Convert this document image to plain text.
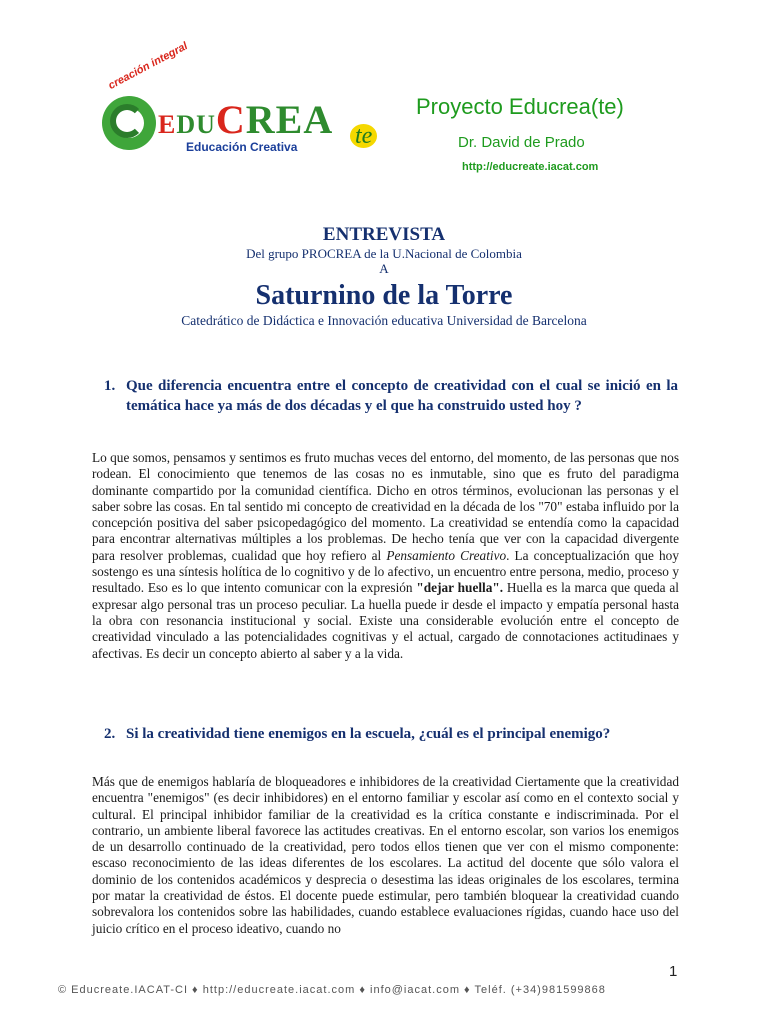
creación integral
EDUCREA te
Educación Creativa
Proyecto Educrea(te)
Dr. David de Prado
http://educreate.iacat.com
ENTREVISTA
Del grupo PROCREA de la U.Nacional de Colombia
A
Saturnino de la Torre
Catedrático de Didáctica e Innovación educativa Universidad de Barcelona
1. Que diferencia encuentra entre el concepto de creatividad con el cual se inició en la temática hace ya más de dos décadas y el que ha construido usted hoy ?
Lo que somos, pensamos y sentimos es fruto muchas veces del entorno, del momento, de las personas que nos rodean. El conocimiento que tenemos de las cosas no es inmutable, sino que es fruto del paradigma dominante compartido por la comunidad científica. Dicho en otros términos, evolucionan las personas y el saber sobre las cosas. En tal sentido mi concepto de creatividad en la década de los "70" estaba influido por la concepción positiva del saber psicopedagógico del momento. La creatividad se entendía como la capacidad para encontrar alternativas múltiples a los problemas. De hecho tenía que ver con la capacidad divergente para resolver problemas, cualidad que hoy refiero al Pensamiento Creativo. La conceptualización que hoy sostengo es una síntesis holítica de lo cognitivo y de lo afectivo, un encuentro entre persona, medio, proceso y resultado. Eso es lo que intento comunicar con la expresión "dejar huella". Huella es la marca que queda al expresar algo personal tras un proceso peculiar. La huella puede ir desde el impacto y empatía personal hasta la obra con resonancia institucional y social. Existe una considerable evolución entre el concepto de creatividad vinculado a las potencialidades cognitivas y el actual, cargado de connotaciones actitudinaes y afectivas. Es decir un concepto abierto al saber y a la vida.
2. Si la creatividad tiene enemigos en la escuela, ¿cuál es el principal enemigo?
Más que de enemigos hablaría de bloqueadores e inhibidores de la creatividad Ciertamente que la creatividad encuentra "enemigos" (es decir inhibidores) en el entorno familiar y escolar así como en el contexto social y cultural. El principal inhibidor familiar de la creatividad es la crítica constante e indiscriminada. Por el contrario, un ambiente liberal favorece las actitudes creativas. En el entorno escolar, son varios los enemigos de un desarrollo continuado de la creatividad, pero todos ellos tienen que ver con el mismo componente: escaso reconocimiento de las ideas diferentes de los escolares. La actitud del docente que sólo valora el dominio de los contenidos académicos y desprecia o desestima las ideas originales de los escolares, termina por matar la creatividad de éstos. El docente puede estimular, pero también bloquear la creatividad cuando sobrevalora los contenidos sobre las habilidades, cuando establece evaluaciones rígidas, cuando hace uso del juicio crítico en el proceso ideativo, cuando no
1
© Educreate.IACAT-CI ♦ http://educreate.iacat.com ♦ info@iacat.com ♦ Teléf. (+34)981599868
